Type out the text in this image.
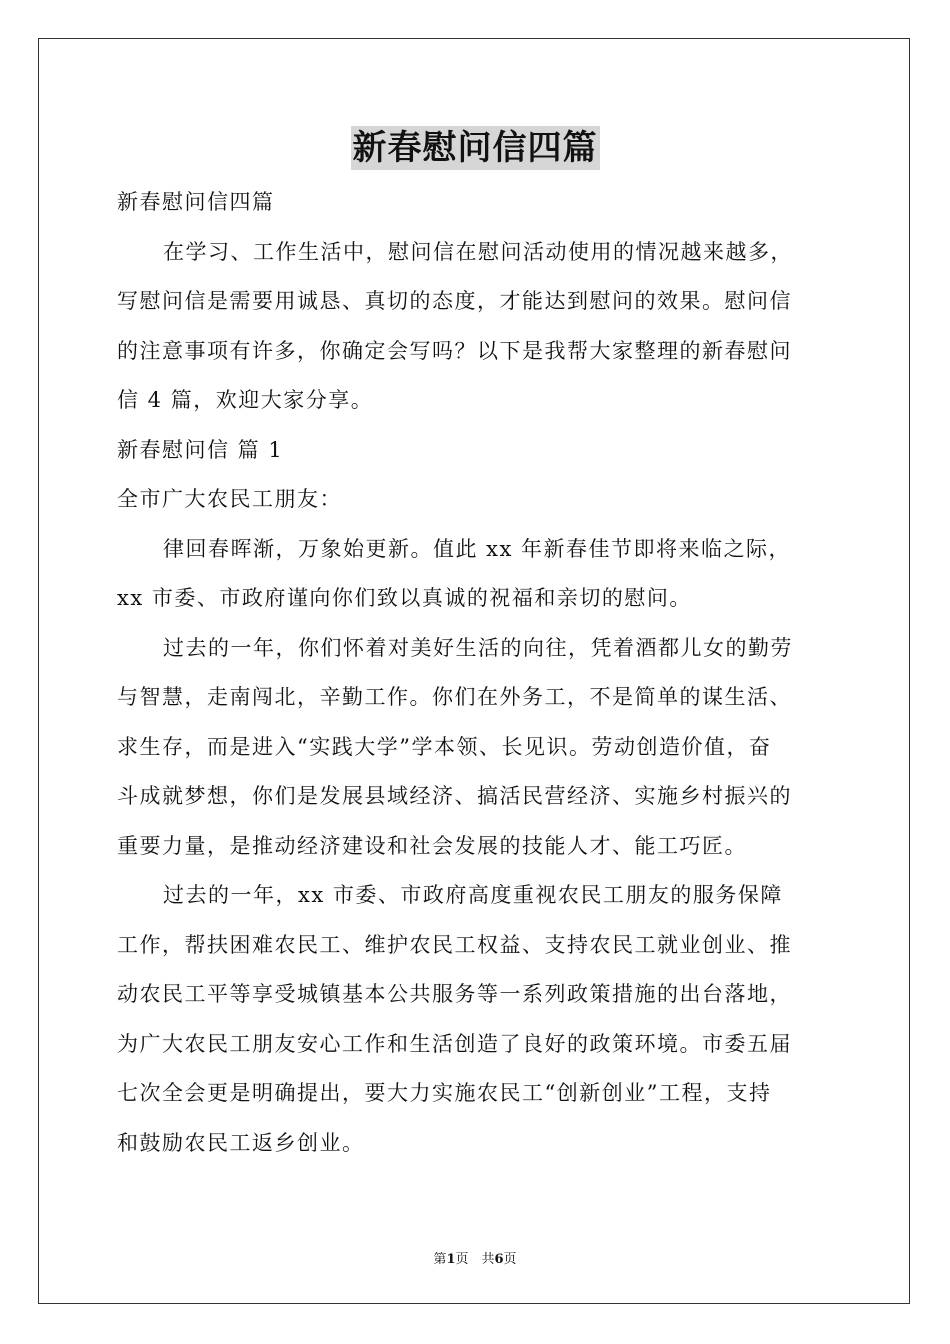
新春慰问信四篇
新春慰问信四篇
在学习、工作生活中，慰问信在慰问活动使用的情况越来越多，
写慰问信是需要用诚恳、真切的态度，才能达到慰问的效果。慰问信
的注意事项有许多，你确定会写吗？以下是我帮大家整理的新春慰问
信 4 篇，欢迎大家分享。
新春慰问信 篇 1
全市广大农民工朋友：
律回春晖渐，万象始更新。值此 xx 年新春佳节即将来临之际，
xx 市委、市政府谨向你们致以真诚的祝福和亲切的慰问。
过去的一年，你们怀着对美好生活的向往，凭着酒都儿女的勤劳
与智慧，走南闯北，辛勤工作。你们在外务工，不是简单的谋生活、
求生存，而是进入“实践大学”学本领、长见识。劳动创造价值，奋
斗成就梦想，你们是发展县域经济、搞活民营经济、实施乡村振兴的
重要力量，是推动经济建设和社会发展的技能人才、能工巧匠。
过去的一年，xx 市委、市政府高度重视农民工朋友的服务保障
工作，帮扶困难农民工、维护农民工权益、支持农民工就业创业、推
动农民工平等享受城镇基本公共服务等一系列政策措施的出台落地，
为广大农民工朋友安心工作和生活创造了良好的政策环境。市委五届
七次全会更是明确提出，要大力实施农民工“创新创业”工程，支持
和鼓励农民工返乡创业。
第1页　共6页
